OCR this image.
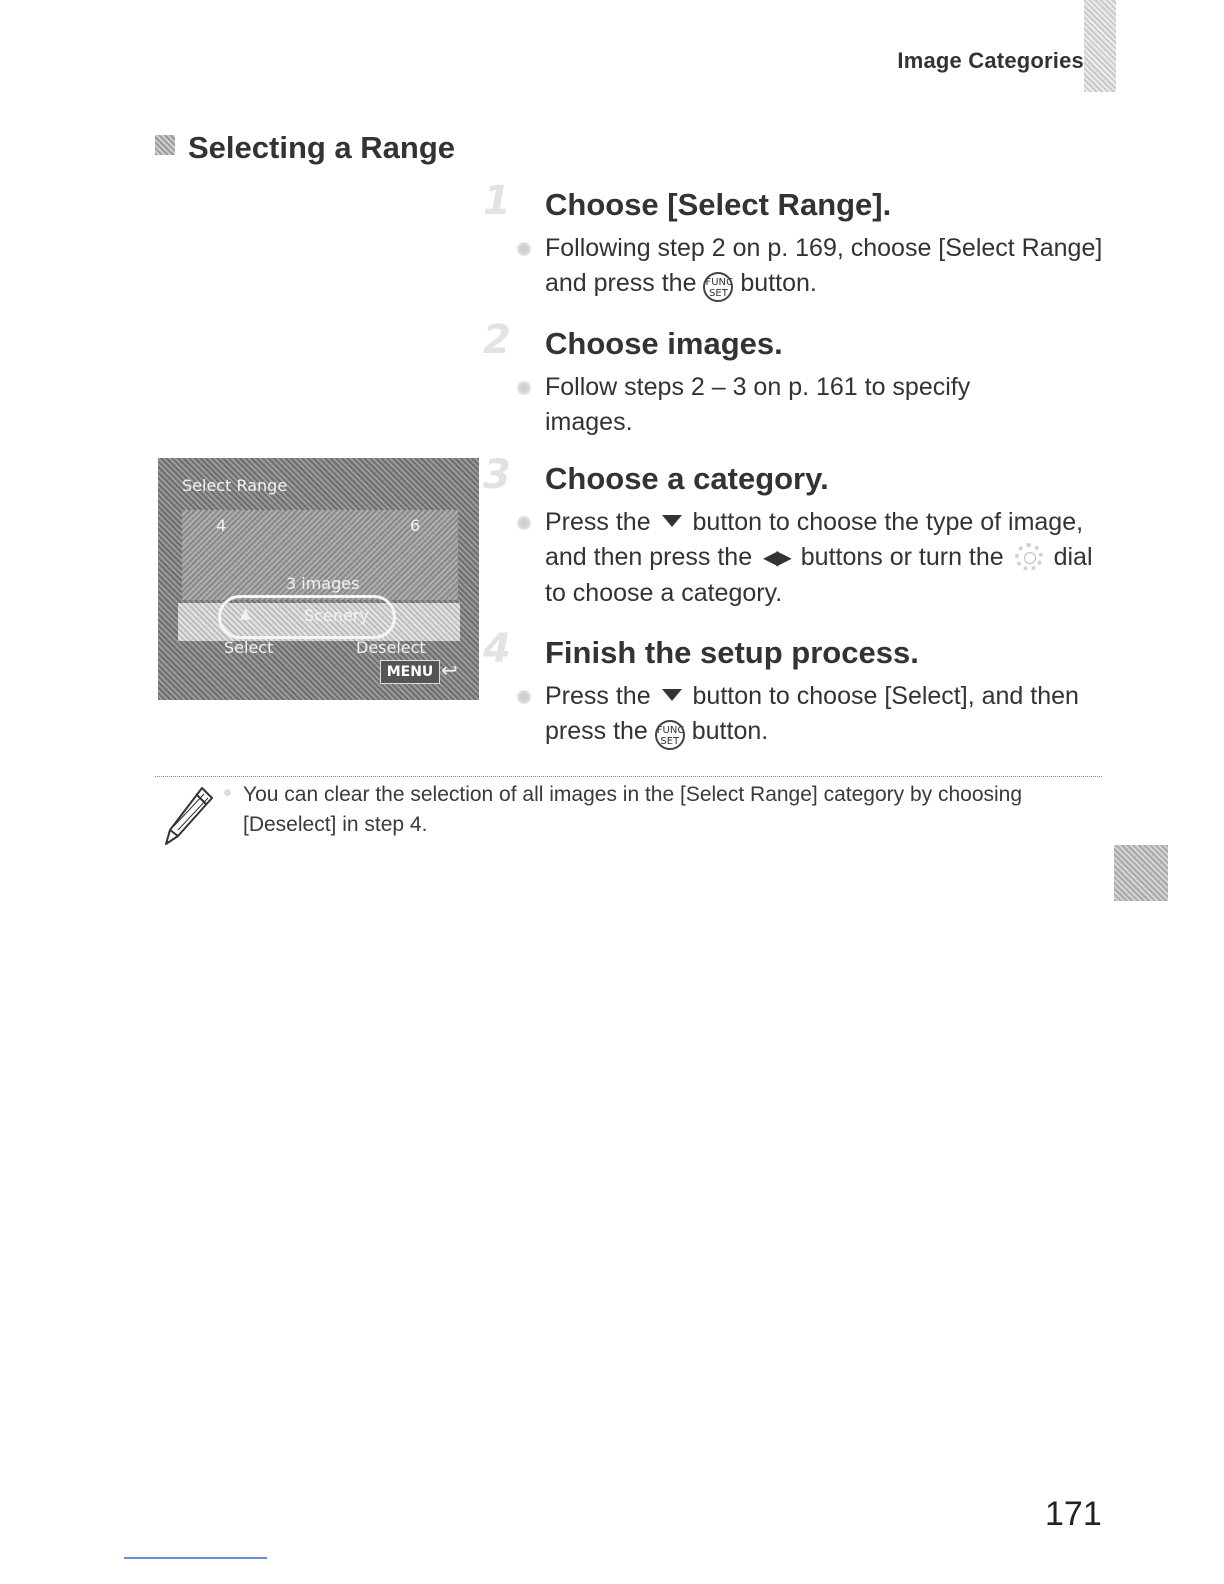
Image Categories
Selecting a Range
1 Choose [Select Range].
Following step 2 on p. 169, choose [Select Range] and press the FUNC
SET button.
2 Choose images.
Follow steps 2 – 3 on p. 161 to specify images.
3 Choose a category.
Press the button to choose the type of image, and then press the ◀▶ buttons or turn the dial to choose a category.
4 Finish the setup process.
Press the button to choose [Select], and then press the FUNC
SET button.
Select Range
4	6
3 images
▲	Scenery
Select	Deselect
MENU ↩
You can clear the selection of all images in the [Select Range] category by choosing [Deselect] in step 4.
171
